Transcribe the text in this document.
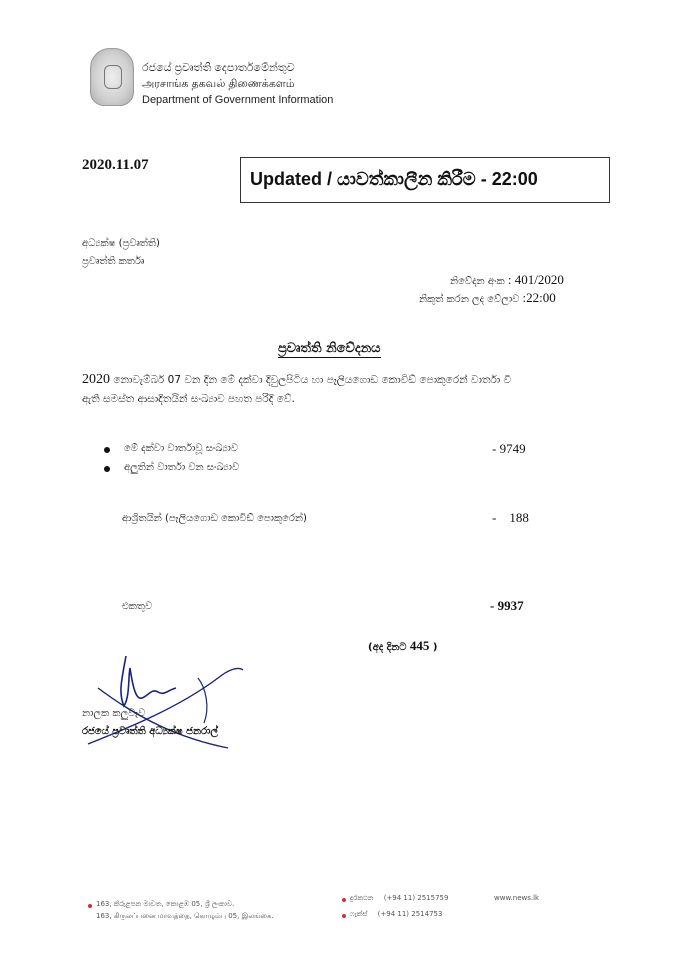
රජයේ ප්‍රවෘත්ති දෙපාර්තමේන්තුව
அரசாங்க தகவல் திணைக்களம்
Department of Government Information
2020.11.07
Updated / යාවත්කාලීන කිරීම - 22:00
අධ්‍යක්ෂ (ප්‍රවෘත්ති)
ප්‍රවෘත්ති කර්තෘ
නිවේදන අංක : 401/2020
නිකුත් කරන ලද වේලාව :22:00
ප්‍රවෘත්ති නිවේදනය
2020 නොවැම්බර් 07 වන දින මේ දක්වා දිවුලපිටිය හා පෑලියගොඩ කොවිඩ් පොකුරෙන් වාර්තා වී
ඇති සමස්ත ආසාදිතයින් සංඛ්‍යාව පහත පරිදි වේ.
මේ දක්වා වාර්තාවූ සංඛ්‍යාව	- 9749
අලුතින් වාර්තා වන සංඛ්‍යාව
ආශ්‍රිතයින් (පෑලියගොඩ කොවිඩ් පොකුරෙන්)	-    188
එකතුව	- 9937
(අද දිනට 445 )
නාලක කලුවැව
රජයේ ප්‍රවෘත්ති අධ්‍යක්ෂ ජනරාල්
163, කිරුළපන මාවත, කොළඹ 05, ශ්‍රී ලංකාව.
163, கிருலப்பனை மாவத்தை, கொழும்பு 05, இலங்கை.
දුරකථන (+94 11) 2515759
ෆැක්ස් (+94 11) 2514753
www.news.lk
